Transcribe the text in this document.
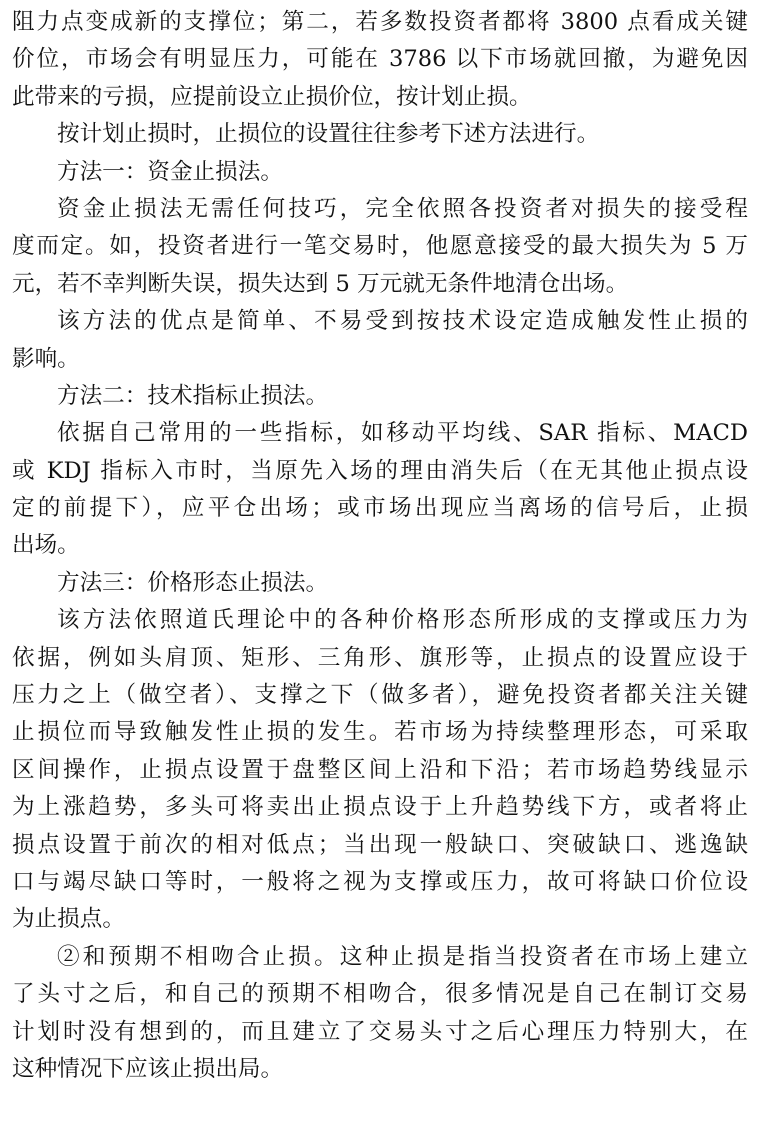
阻力点变成新的支撑位；第二，若多数投资者都将 3800 点看成关键
价位，市场会有明显压力，可能在 3786 以下市场就回撤，为避免因
此带来的亏损，应提前设立止损价位，按计划止损。
按计划止损时，止损位的设置往往参考下述方法进行。
方法一：资金止损法。
资金止损法无需任何技巧，完全依照各投资者对损失的接受程
度而定。如，投资者进行一笔交易时，他愿意接受的最大损失为 5 万
元，若不幸判断失误，损失达到 5 万元就无条件地清仓出场。
该方法的优点是简单、不易受到按技术设定造成触发性止损的
影响。
方法二：技术指标止损法。
依据自己常用的一些指标，如移动平均线、SAR 指标、MACD
或 KDJ 指标入市时，当原先入场的理由消失后（在无其他止损点设
定的前提下），应平仓出场；或市场出现应当离场的信号后，止损
出场。
方法三：价格形态止损法。
该方法依照道氏理论中的各种价格形态所形成的支撑或压力为
依据，例如头肩顶、矩形、三角形、旗形等，止损点的设置应设于
压力之上（做空者）、支撑之下（做多者），避免投资者都关注关键
止损位而导致触发性止损的发生。若市场为持续整理形态，可采取
区间操作，止损点设置于盘整区间上沿和下沿；若市场趋势线显示
为上涨趋势，多头可将卖出止损点设于上升趋势线下方，或者将止
损点设置于前次的相对低点；当出现一般缺口、突破缺口、逃逸缺
口与竭尽缺口等时，一般将之视为支撑或压力，故可将缺口价位设
为止损点。
②和预期不相吻合止损。这种止损是指当投资者在市场上建立
了头寸之后，和自己的预期不相吻合，很多情况是自己在制订交易
计划时没有想到的，而且建立了交易头寸之后心理压力特别大，在
这种情况下应该止损出局。
